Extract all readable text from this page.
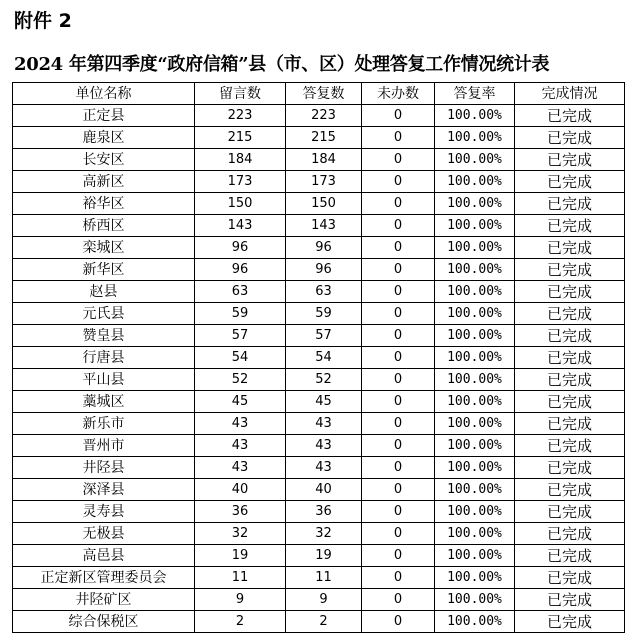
附件 2
2024 年第四季度“政府信箱”县（市、区）处理答复工作情况统计表
单位名称	留言数	答复数	未办数	答复率	完成情况
正定县	223	223	0	100.00%	已完成
鹿泉区	215	215	0	100.00%	已完成
长安区	184	184	0	100.00%	已完成
高新区	173	173	0	100.00%	已完成
裕华区	150	150	0	100.00%	已完成
桥西区	143	143	0	100.00%	已完成
栾城区	96	96	0	100.00%	已完成
新华区	96	96	0	100.00%	已完成
赵县	63	63	0	100.00%	已完成
元氏县	59	59	0	100.00%	已完成
赞皇县	57	57	0	100.00%	已完成
行唐县	54	54	0	100.00%	已完成
平山县	52	52	0	100.00%	已完成
藁城区	45	45	0	100.00%	已完成
新乐市	43	43	0	100.00%	已完成
晋州市	43	43	0	100.00%	已完成
井陉县	43	43	0	100.00%	已完成
深泽县	40	40	0	100.00%	已完成
灵寿县	36	36	0	100.00%	已完成
无极县	32	32	0	100.00%	已完成
高邑县	19	19	0	100.00%	已完成
正定新区管理委员会	11	11	0	100.00%	已完成
井陉矿区	9	9	0	100.00%	已完成
综合保税区	2	2	0	100.00%	已完成
